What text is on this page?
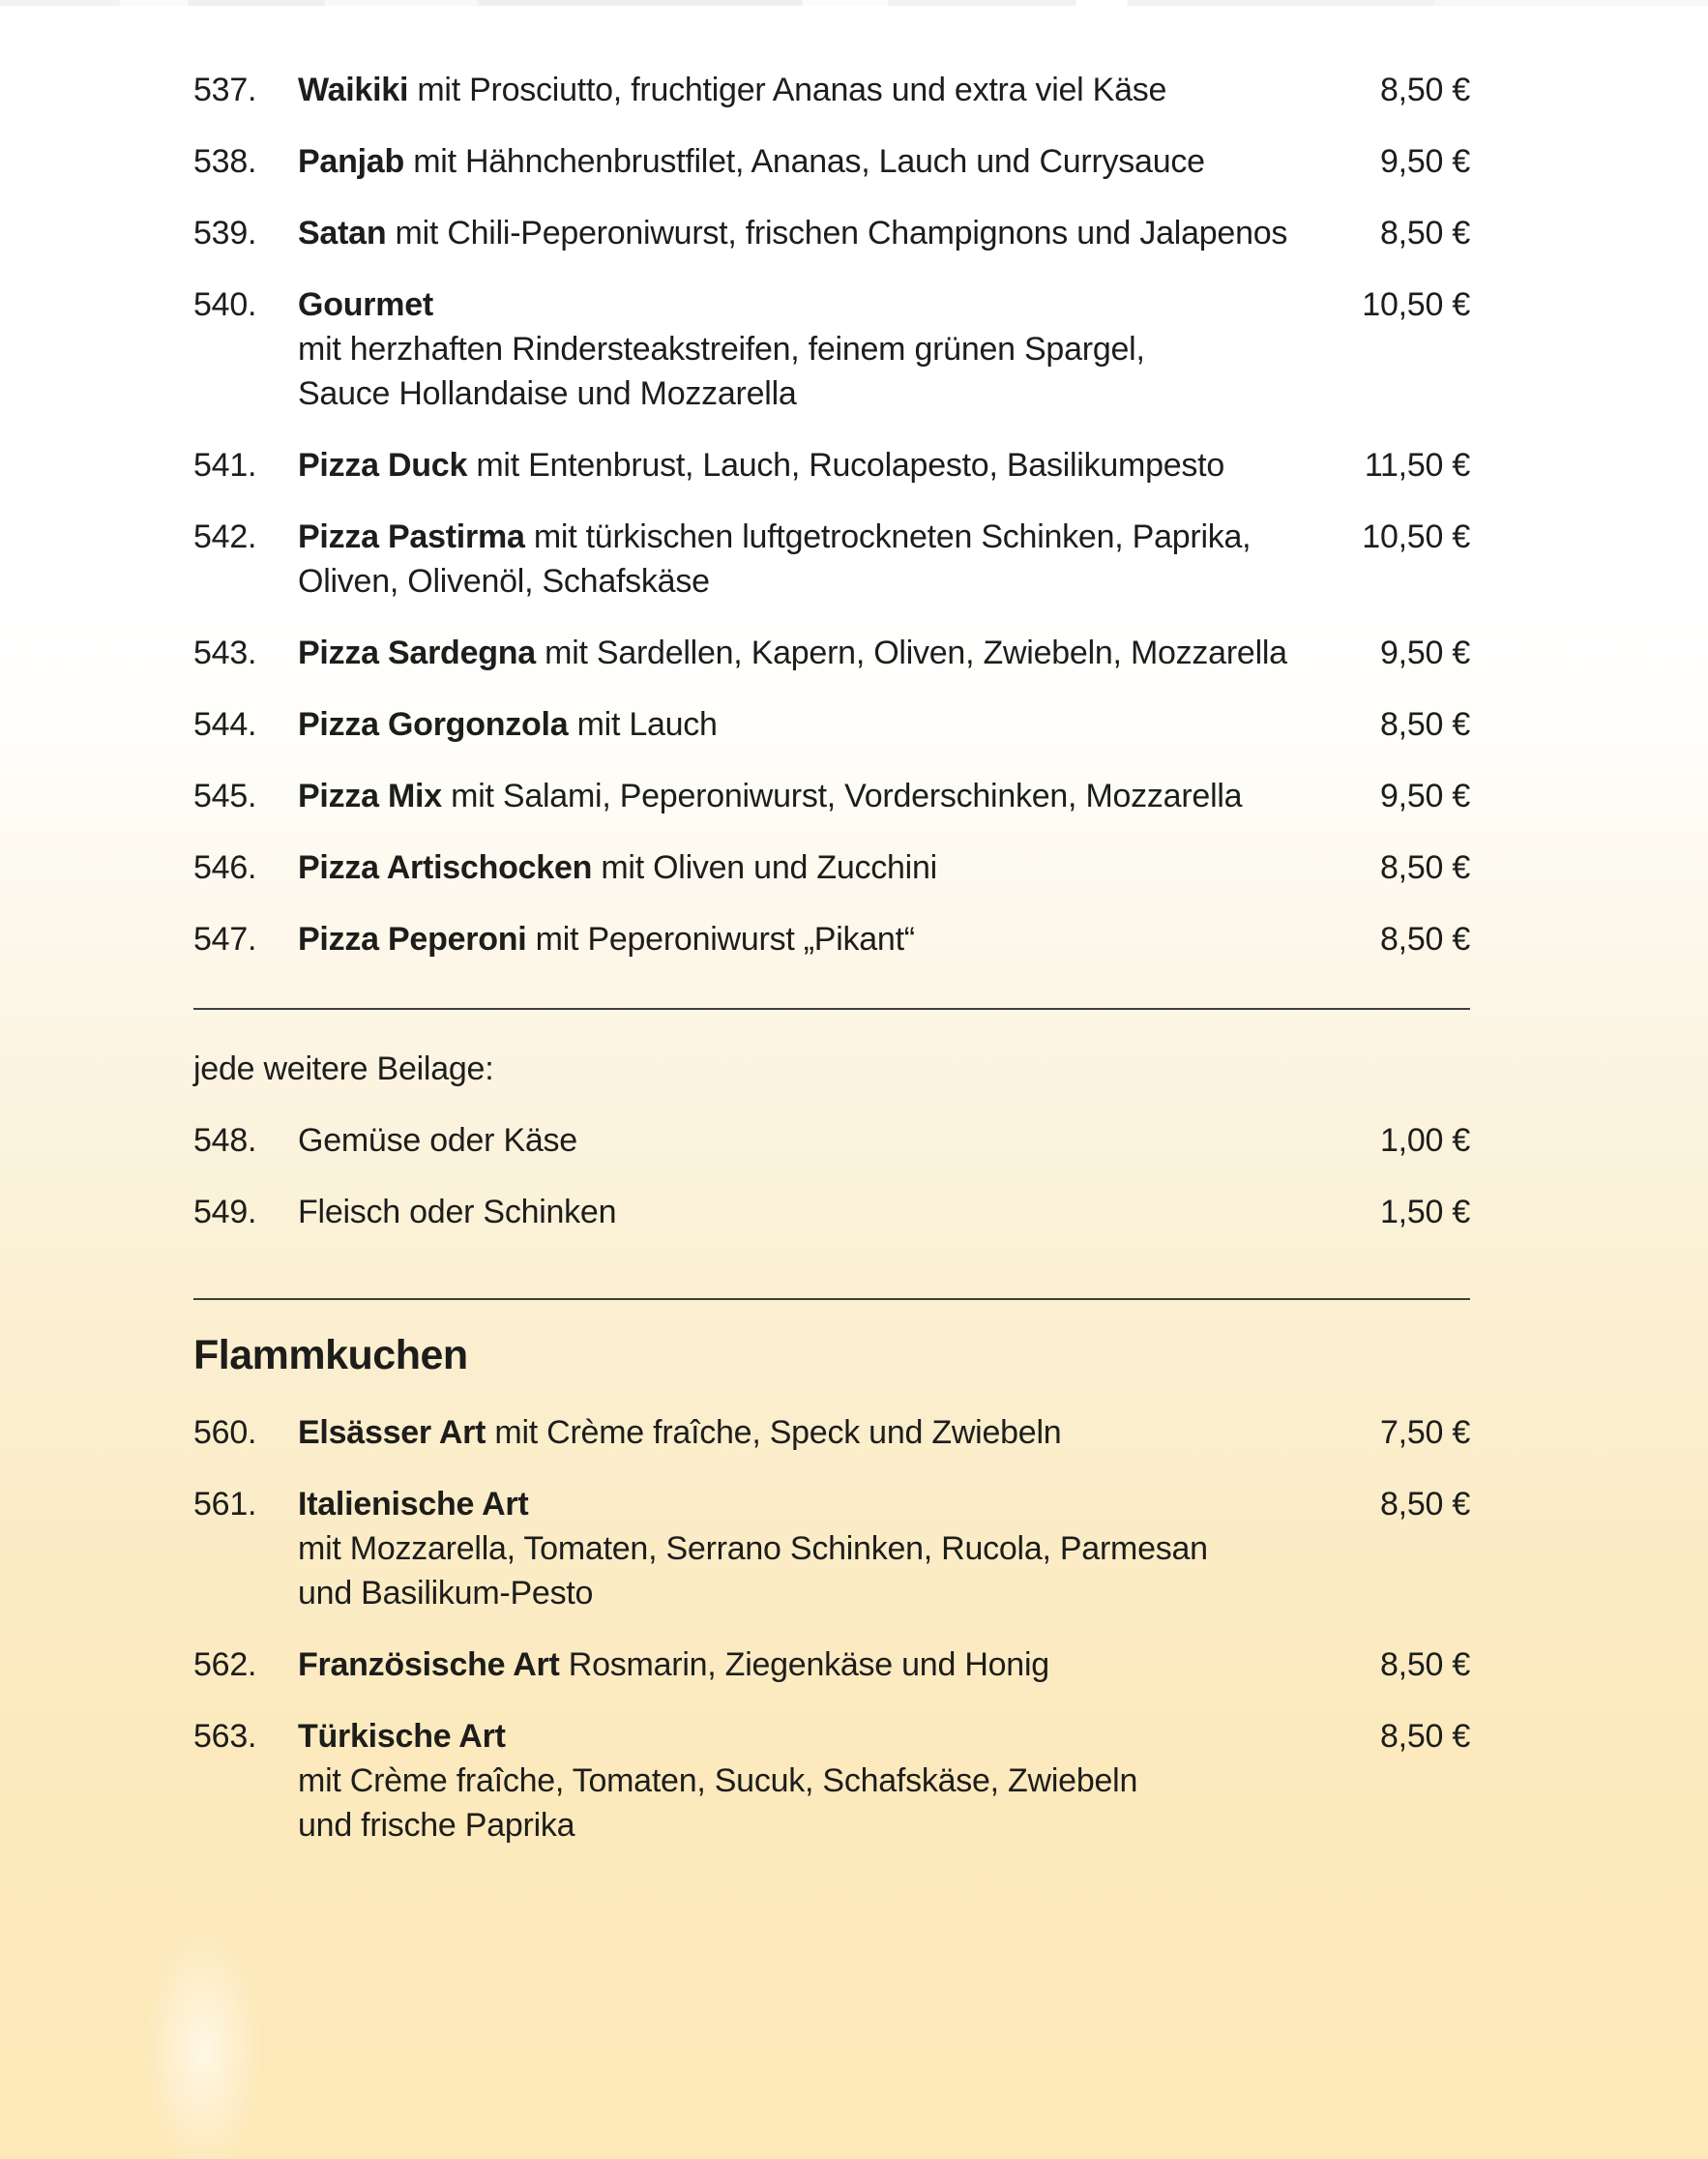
537.	Waikiki mit Prosciutto, fruchtiger Ananas und extra viel Käse	8,50 €
538.	Panjab mit Hähnchenbrustfilet, Ananas, Lauch und Currysauce	9,50 €
539.	Satan mit Chili-Peperoniwurst, frischen Champignons und Jalapenos	8,50 €
540.	Gourmet
mit herzhaften Rindersteakstreifen, feinem grünen Spargel,
Sauce Hollandaise und Mozzarella
10,50 €
541.	Pizza Duck mit Entenbrust, Lauch, Rucolapesto, Basilikumpesto	11,50 €
542.	Pizza Pastirma mit türkischen luftgetrockneten Schinken, Paprika,
Oliven, Olivenöl, Schafskäse
10,50 €
543.	Pizza Sardegna mit Sardellen, Kapern, Oliven, Zwiebeln, Mozzarella	9,50 €
544.	Pizza Gorgonzola mit Lauch	8,50 €
545.	Pizza Mix mit Salami, Peperoniwurst, Vorderschinken, Mozzarella	9,50 €
546.	Pizza Artischocken mit Oliven und Zucchini	8,50 €
547.	Pizza Peperoni mit Peperoniwurst „Pikant“	8,50 €
jede weitere Beilage:
548.	Gemüse oder Käse	1,00 €
549.	Fleisch oder Schinken	1,50 €
Flammkuchen
560.	Elsässer Art mit Crème fraîche, Speck und Zwiebeln	7,50 €
561.	Italienische Art
mit Mozzarella, Tomaten, Serrano Schinken, Rucola, Parmesan
und Basilikum-Pesto
8,50 €
562.	Französische Art Rosmarin, Ziegenkäse und Honig	8,50 €
563.	Türkische Art
mit Crème fraîche, Tomaten, Sucuk, Schafskäse, Zwiebeln
und frische Paprika
8,50 €
